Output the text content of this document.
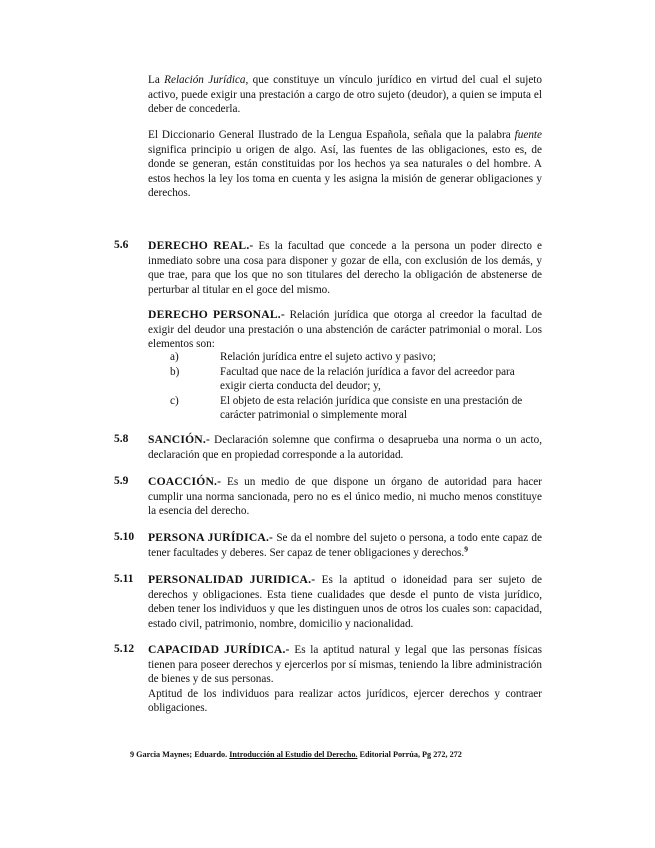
La Relación Jurídica, que constituye un vínculo jurídico en virtud del cual el sujeto activo, puede exigir una prestación a cargo de otro sujeto (deudor), a quien se imputa el deber de concederla.
El Diccionario General Ilustrado de la Lengua Española, señala que la palabra fuente significa principio u origen de algo. Así, las fuentes de las obligaciones, esto es, de donde se generan, están constituidas por los hechos ya sea naturales o del hombre. A estos hechos la ley los toma en cuenta y les asigna la misión de generar obligaciones y derechos.
5.6 DERECHO REAL.- Es la facultad que concede a la persona un poder directo e inmediato sobre una cosa para disponer y gozar de ella, con exclusión de los demás, y que trae, para que los que no son titulares del derecho la obligación de abstenerse de perturbar al titular en el goce del mismo.
DERECHO PERSONAL.- Relación jurídica que otorga al creedor la facultad de exigir del deudor una prestación o una abstención de carácter patrimonial o moral. Los elementos son:
a)	Relación jurídica entre el sujeto activo y pasivo;
b)	Facultad que nace de la relación jurídica a favor del acreedor para exigir cierta conducta del deudor; y,
c)	El objeto de esta relación jurídica que consiste en una prestación de carácter patrimonial o simplemente moral
5.8 SANCIÓN.- Declaración solemne que confirma o desaprueba una norma o un acto, declaración que en propiedad corresponde a la autoridad.
5.9 COACCIÓN.- Es un medio de que dispone un órgano de autoridad para hacer cumplir una norma sancionada, pero no es el único medio, ni mucho menos constituye la esencia del derecho.
5.10 PERSONA JURÍDICA.- Se da el nombre del sujeto o persona, a todo ente capaz de tener facultades y deberes. Ser capaz de tener obligaciones y derechos.$^9$
5.11 PERSONALIDAD JURIDICA.- Es la aptitud o idoneidad para ser sujeto de derechos y obligaciones. Esta tiene cualidades que desde el punto de vista jurídico, deben tener los individuos y que les distinguen unos de otros los cuales son: capacidad, estado civil, patrimonio, nombre, domicilio y nacionalidad.
5.12 CAPACIDAD JURÍDICA.- Es la aptitud natural y legal que las personas físicas tienen para poseer derechos y ejercerlos por sí mismas, teniendo la libre administración de bienes y de sus personas.
Aptitud de los individuos para realizar actos jurídicos, ejercer derechos y contraer obligaciones.
9 Garcia Maynes; Eduardo. Introducción al Estudio del Derecho. Editorial Porrúa, Pg 272, 272
